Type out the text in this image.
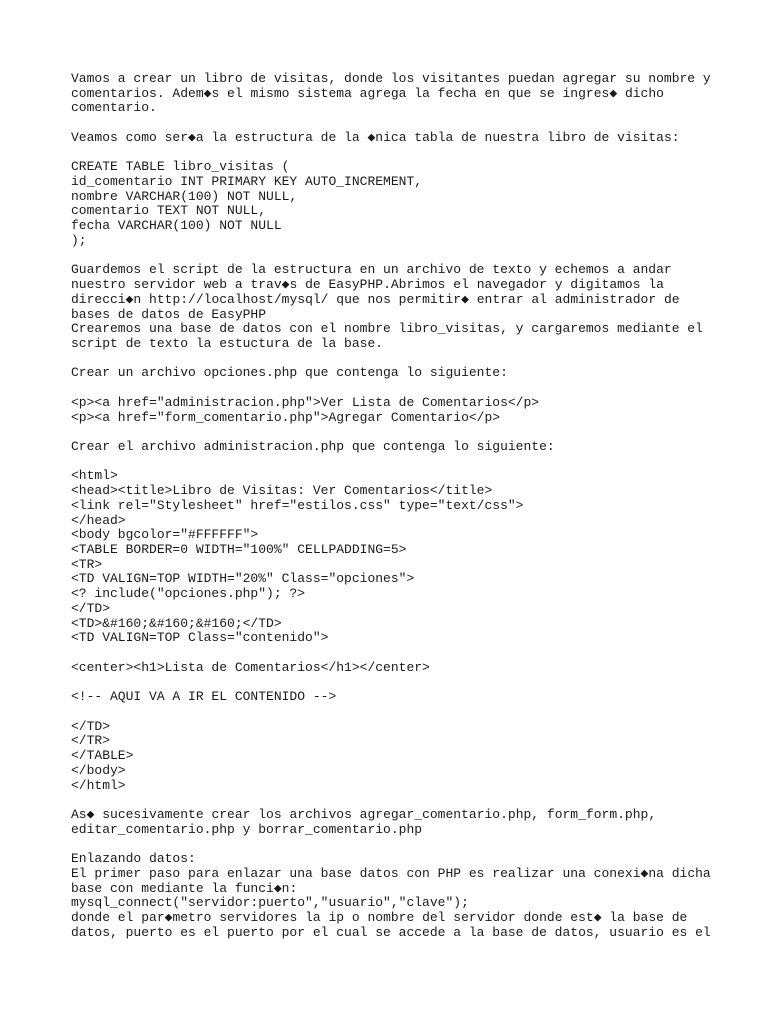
Vamos a crear un libro de visitas, donde los visitantes puedan agregar su nombre y
comentarios. Adem◆s el mismo sistema agrega la fecha en que se ingres◆ dicho
comentario.
Veamos como ser◆a la estructura de la ◆nica tabla de nuestra libro de visitas:
CREATE TABLE libro_visitas (
id_comentario INT PRIMARY KEY AUTO_INCREMENT,
nombre VARCHAR(100) NOT NULL,
comentario TEXT NOT NULL,
fecha VARCHAR(100) NOT NULL
);
Guardemos el script de la estructura en un archivo de texto y echemos a andar
nuestro servidor web a trav◆s de EasyPHP.Abrimos el navegador y digitamos la
direcci◆n http://localhost/mysql/ que nos permitir◆ entrar al administrador de
bases de datos de EasyPHP
Crearemos una base de datos con el nombre libro_visitas, y cargaremos mediante el
script de texto la estuctura de la base.
Crear un archivo opciones.php que contenga lo siguiente:
<p><a href="administracion.php">Ver Lista de Comentarios</p>
<p><a href="form_comentario.php">Agregar Comentario</p>
Crear el archivo administracion.php que contenga lo siguiente:
<html>
<head><title>Libro de Visitas: Ver Comentarios</title>
<link rel="Stylesheet" href="estilos.css" type="text/css">
</head>
<body bgcolor="#FFFFFF">
<TABLE BORDER=0 WIDTH="100%" CELLPADDING=5>
<TR>
<TD VALIGN=TOP WIDTH="20%" Class="opciones">
<? include("opciones.php"); ?>
</TD>
<TD>&#160;&#160;&#160;</TD>
<TD VALIGN=TOP Class="contenido">
<center><h1>Lista de Comentarios</h1></center>
<!-- AQUI VA A IR EL CONTENIDO -->
</TD>
</TR>
</TABLE>
</body>
</html>
As◆ sucesivamente crear los archivos agregar_comentario.php, form_form.php,
editar_comentario.php y borrar_comentario.php
Enlazando datos:
El primer paso para enlazar una base datos con PHP es realizar una conexi◆na dicha
base con mediante la funci◆n:
mysql_connect("servidor:puerto","usuario","clave");
donde el par◆metro servidores la ip o nombre del servidor donde est◆ la base de
datos, puerto es el puerto por el cual se accede a la base de datos, usuario es el
